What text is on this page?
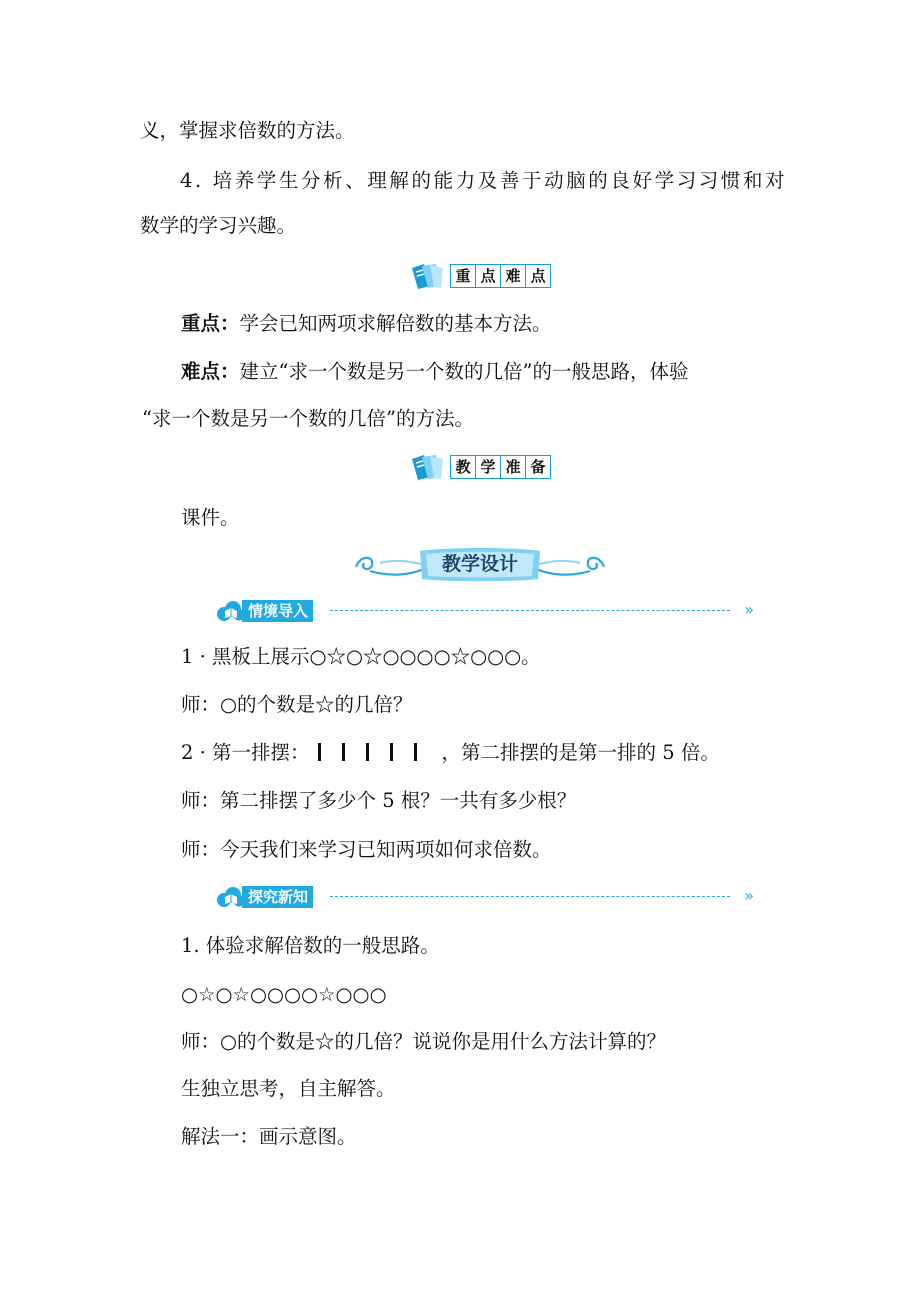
义，掌握求倍数的方法。
4. 培养学生分析、理解的能力及善于动脑的良好学习习惯和对
数学的学习兴趣。
重 点 难 点
重点：学会已知两项求解倍数的基本方法。
难点：建立“求一个数是另一个数的几倍”的一般思路，体验
“求一个数是另一个数的几倍”的方法。
教 学 准 备
课件。
教学设计
情境导入	»
1 · 黑板上展示○☆○☆○○○○☆○○○。
师：○的个数是☆的几倍？
2 · 第一排摆：	，第二排摆的是第一排的 5 倍。
师：第二排摆了多少个 5 根？一共有多少根？
师：今天我们来学习已知两项如何求倍数。
探究新知	»
1. 体验求解倍数的一般思路。
○☆○☆○○○○☆○○○
师：○的个数是☆的几倍？说说你是用什么方法计算的？
生独立思考，自主解答。
解法一：画示意图。
